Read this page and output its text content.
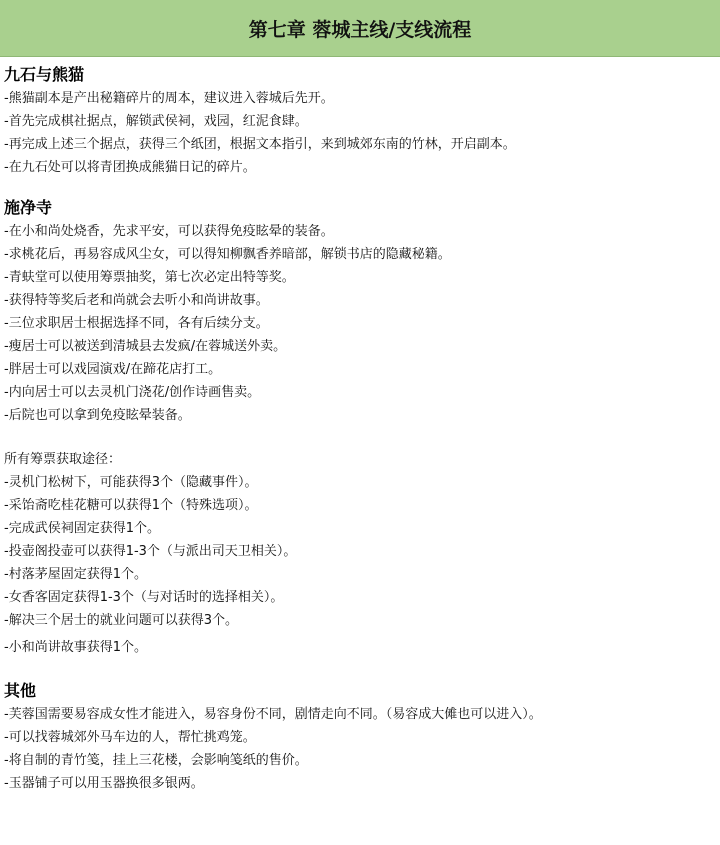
第七章 蓉城主线/支线流程
九石与熊猫

-熊猫副本是产出秘籍碎片的周本，建议进入蓉城后先开。

-首先完成棋社据点，解锁武侯祠，戏园，红泥食肆。

-再完成上述三个据点，获得三个纸团，根据文本指引，来到城郊东南的竹林，开启副本。

-在九石处可以将青团换成熊猫日记的碎片。

施净寺

-在小和尚处烧香，先求平安，可以获得免疫眩晕的装备。

-求桃花后，再易容成风尘女，可以得知柳飘香养暗部，解锁书店的隐藏秘籍。

-青蚨堂可以使用筹票抽奖，第七次必定出特等奖。

-获得特等奖后老和尚就会去听小和尚讲故事。

-三位求职居士根据选择不同，各有后续分支。

-瘦居士可以被送到清城县去发疯/在蓉城送外卖。

-胖居士可以戏园演戏/在蹄花店打工。

-内向居士可以去灵机门浇花/创作诗画售卖。

-后院也可以拿到免疫眩晕装备。

所有筹票获取途径：

-灵机门松树下，可能获得3个（隐藏事件）。

-采饴斋吃桂花糖可以获得1个（特殊选项）。

-完成武侯祠固定获得1个。

-投壶阁投壶可以获得1-3个（与派出司天卫相关）。

-村落茅屋固定获得1个。

-女香客固定获得1-3个（与对话时的选择相关）。

-解决三个居士的就业问题可以获得3个。

-小和尚讲故事获得1个。

其他

-芙蓉国需要易容成女性才能进入，易容身份不同，剧情走向不同。（易容成大傩也可以进入）。

-可以找蓉城郊外马车边的人，帮忙挑鸡笼。

-将自制的青竹笺，挂上三花楼，会影响笺纸的售价。

-玉器铺子可以用玉器换很多银两。
